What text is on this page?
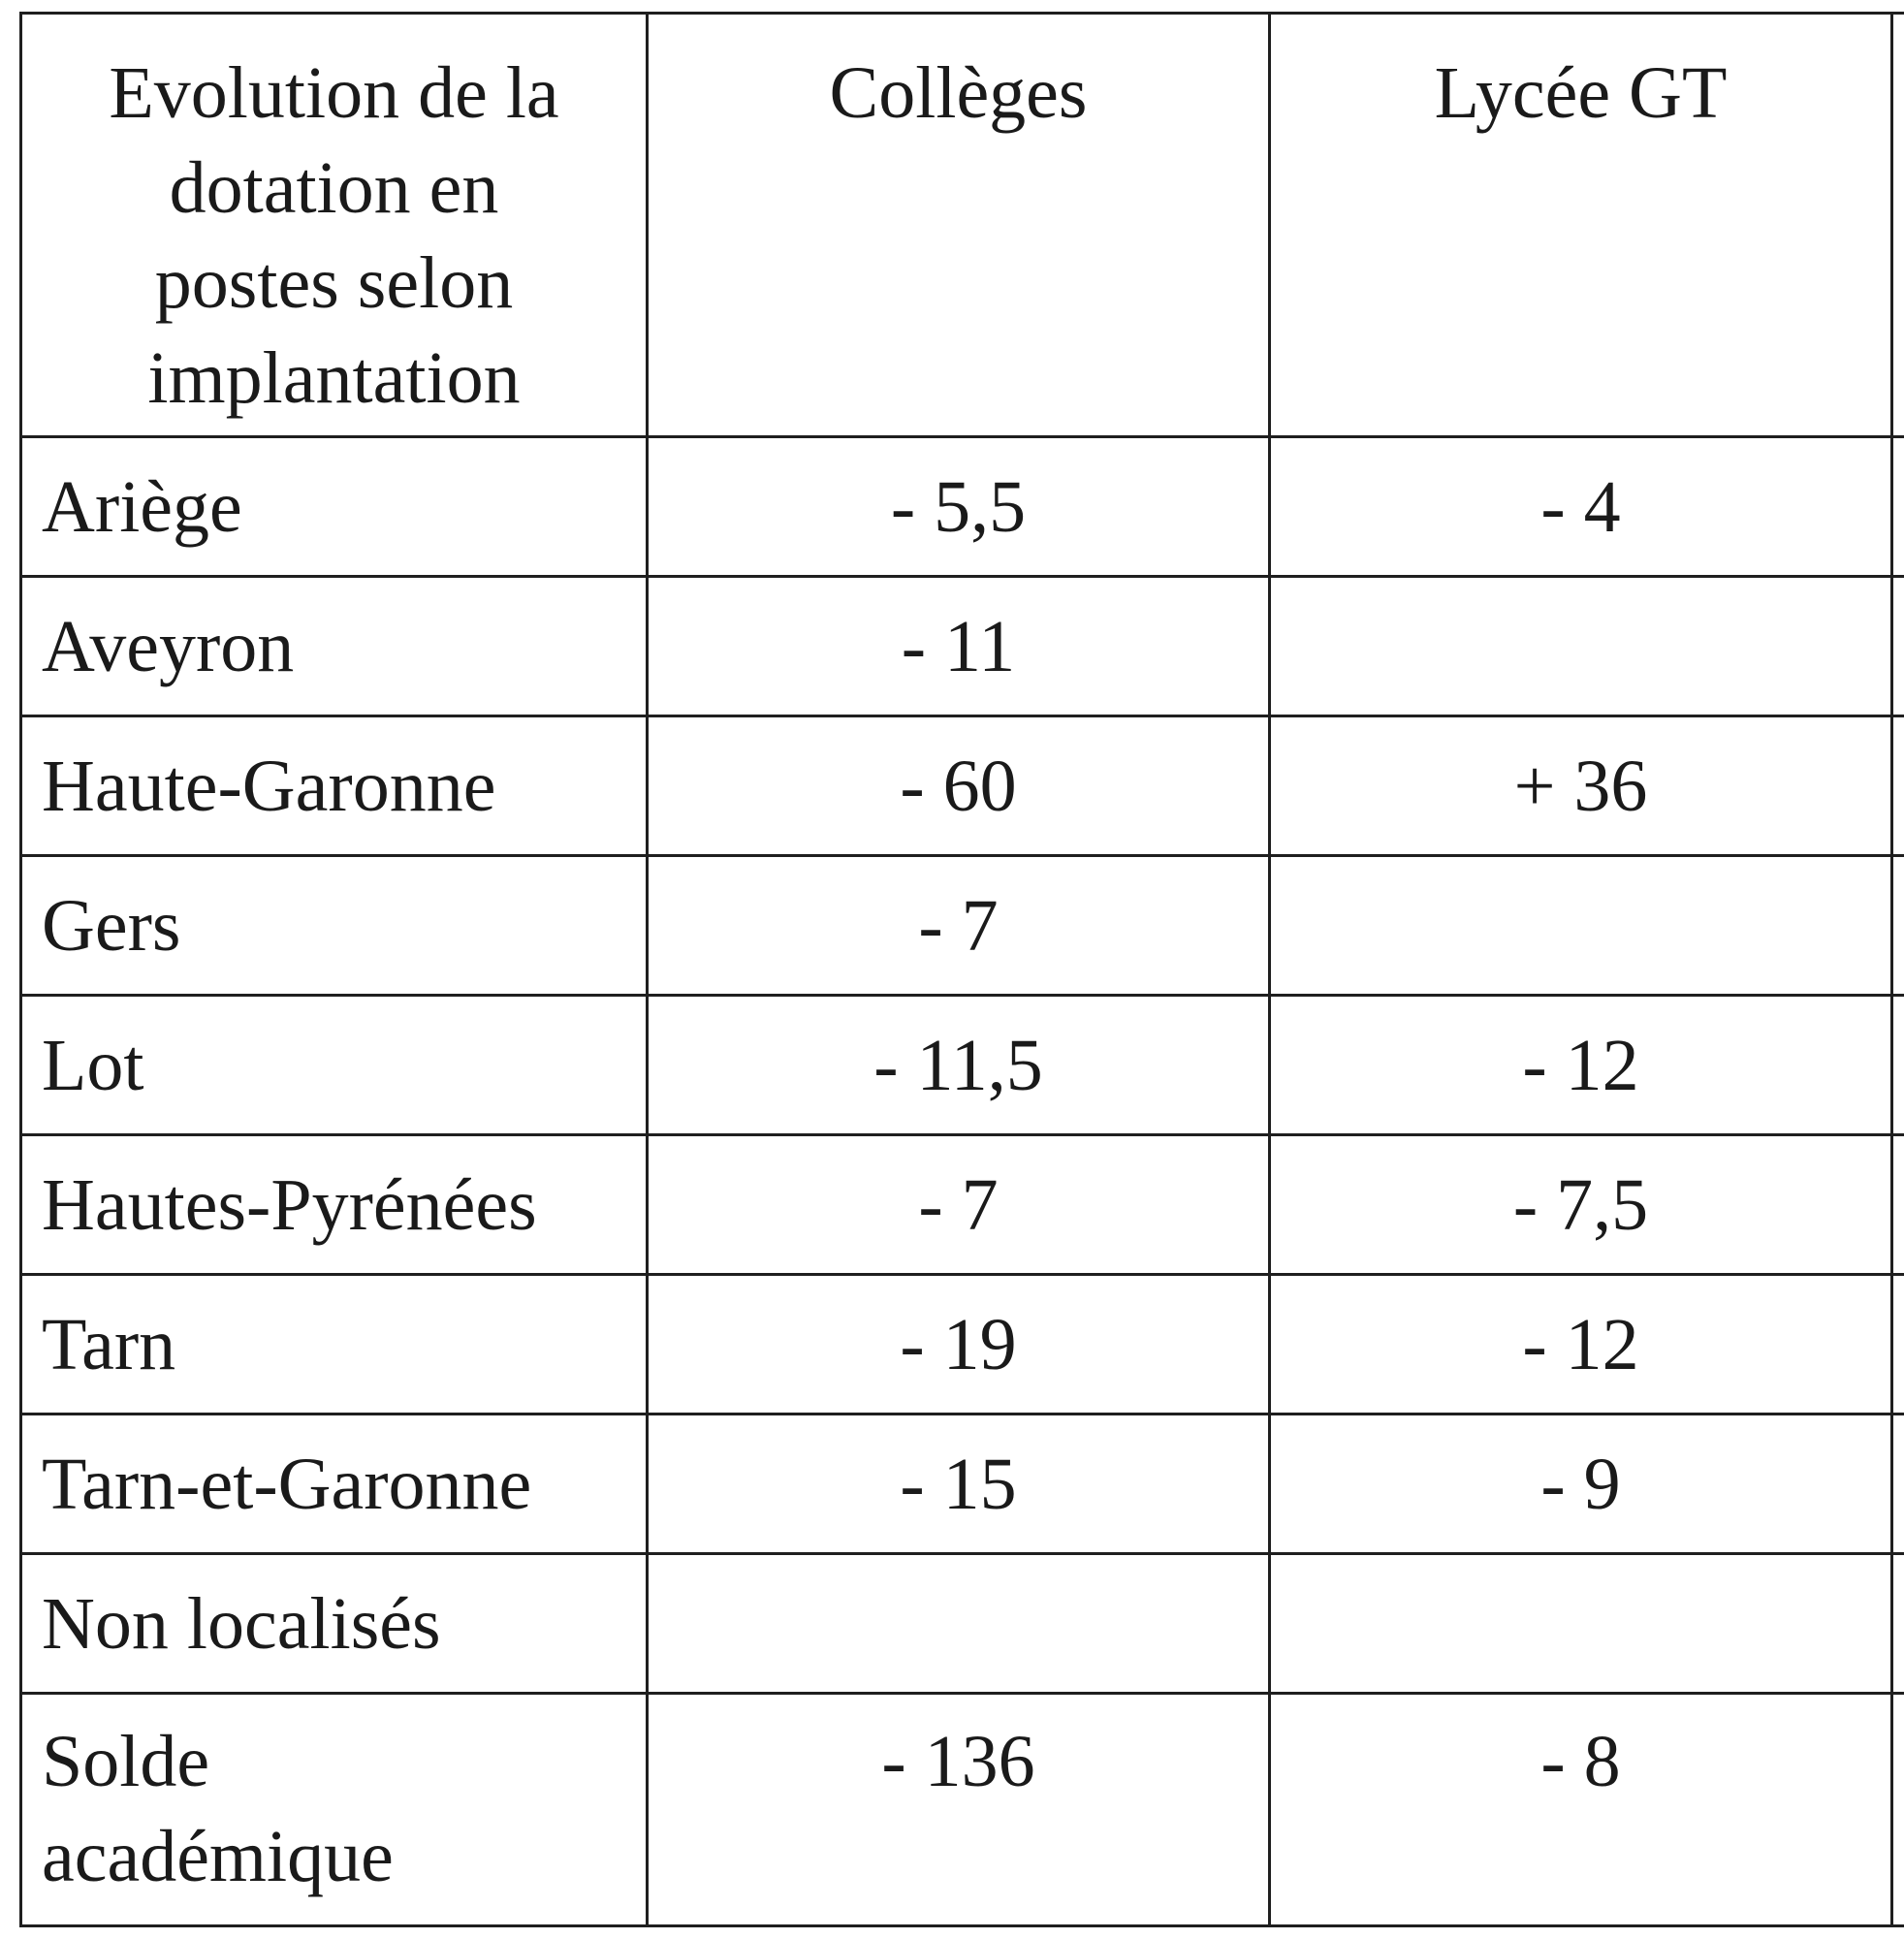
Evolution de la
dotation en
postes selon
implantation	Collèges	Lycée GT	
Ariège	- 5,5	- 4	
Aveyron	- 11		
Haute-Garonne	- 60	+ 36	
Gers	- 7		
Lot	- 11,5	- 12	
Hautes-Pyrénées	- 7	- 7,5	
Tarn	- 19	- 12	
Tarn-et-Garonne	- 15	- 9	
Non localisés			

Solde
académique	- 136	- 8	
